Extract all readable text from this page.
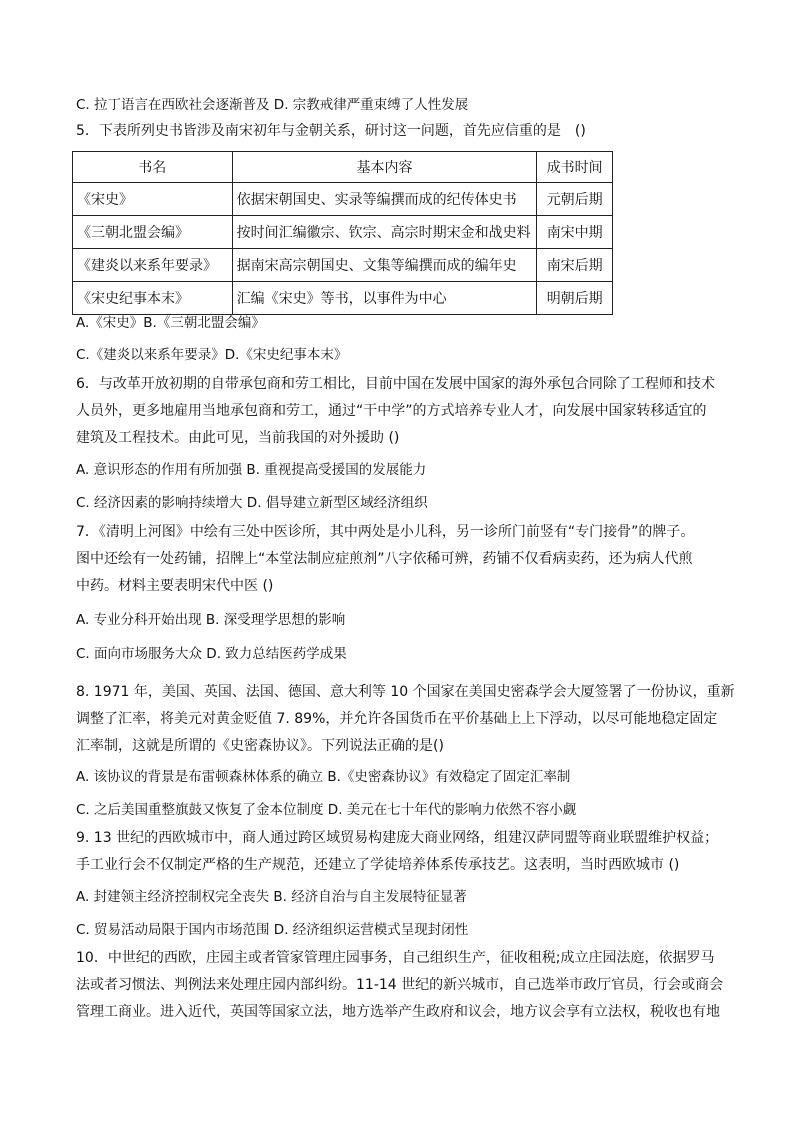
C. 拉丁语言在西欧社会逐渐普及 D. 宗教戒律严重束缚了人性发展
5．下表所列史书皆涉及南宋初年与金朝关系，研讨这一问题，首先应信重的是　()
书名	基本内容	成书时间
《宋史》	依据宋朝国史、实录等编撰而成的纪传体史书	元朝后期
《三朝北盟会编》	按时间汇编徽宗、钦宗、高宗时期宋金和战史料	南宋中期
《建炎以来系年要录》	据南宋高宗朝国史、文集等编撰而成的编年史	南宋后期
《宋史纪事本末》	汇编《宋史》等书，以事件为中心	明朝后期
A.《宋史》B.《三朝北盟会编》
C.《建炎以来系年要录》D.《宋史纪事本末》
6．与改革开放初期的自带承包商和劳工相比，目前中国在发展中国家的海外承包合同除了工程师和技术
人员外，更多地雇用当地承包商和劳工，通过“干中学”的方式培养专业人才，向发展中国家转移适宜的
建筑及工程技术。由此可见，当前我国的对外援助 ()
A. 意识形态的作用有所加强 B. 重视提高受援国的发展能力
C. 经济因素的影响持续增大 D. 倡导建立新型区域经济组织
7．《清明上河图》中绘有三处中医诊所，其中两处是小儿科，另一诊所门前竖有“专门接骨”的牌子。
图中还绘有一处药铺，招牌上“本堂法制应症煎剂”八字依稀可辨，药铺不仅看病卖药，还为病人代煎
中药。材料主要表明宋代中医 ()
A. 专业分科开始出现 B. 深受理学思想的影响
C. 面向市场服务大众 D. 致力总结医药学成果
8. 1971 年，美国、英国、法国、德国、意大利等 10 个国家在美国史密森学会大厦签署了一份协议，重新
调整了汇率，将美元对黄金贬值 7. 89%，并允许各国货币在平价基础上上下浮动，以尽可能地稳定固定
汇率制，这就是所谓的《史密森协议》。下列说法正确的是()
A. 该协议的背景是布雷顿森林体系的确立 B.《史密森协议》有效稳定了固定汇率制
C. 之后美国重整旗鼓又恢复了金本位制度 D. 美元在七十年代的影响力依然不容小觑
9. 13 世纪的西欧城市中，商人通过跨区域贸易构建庞大商业网络，组建汉萨同盟等商业联盟维护权益；
手工业行会不仅制定严格的生产规范，还建立了学徒培养体系传承技艺。这表明，当时西欧城市 ()
A. 封建领主经济控制权完全丧失 B. 经济自治与自主发展特征显著
C. 贸易活动局限于国内市场范围 D. 经济组织运营模式呈现封闭性
10．中世纪的西欧，庄园主或者管家管理庄园事务，自己组织生产，征收租税;成立庄园法庭，依据罗马
法或者习惯法、判例法来处理庄园内部纠纷。11-14 世纪的新兴城市，自己选举市政厅官员，行会或商会
管理工商业。进入近代，英国等国家立法，地方选举产生政府和议会，地方议会享有立法权，税收也有地
